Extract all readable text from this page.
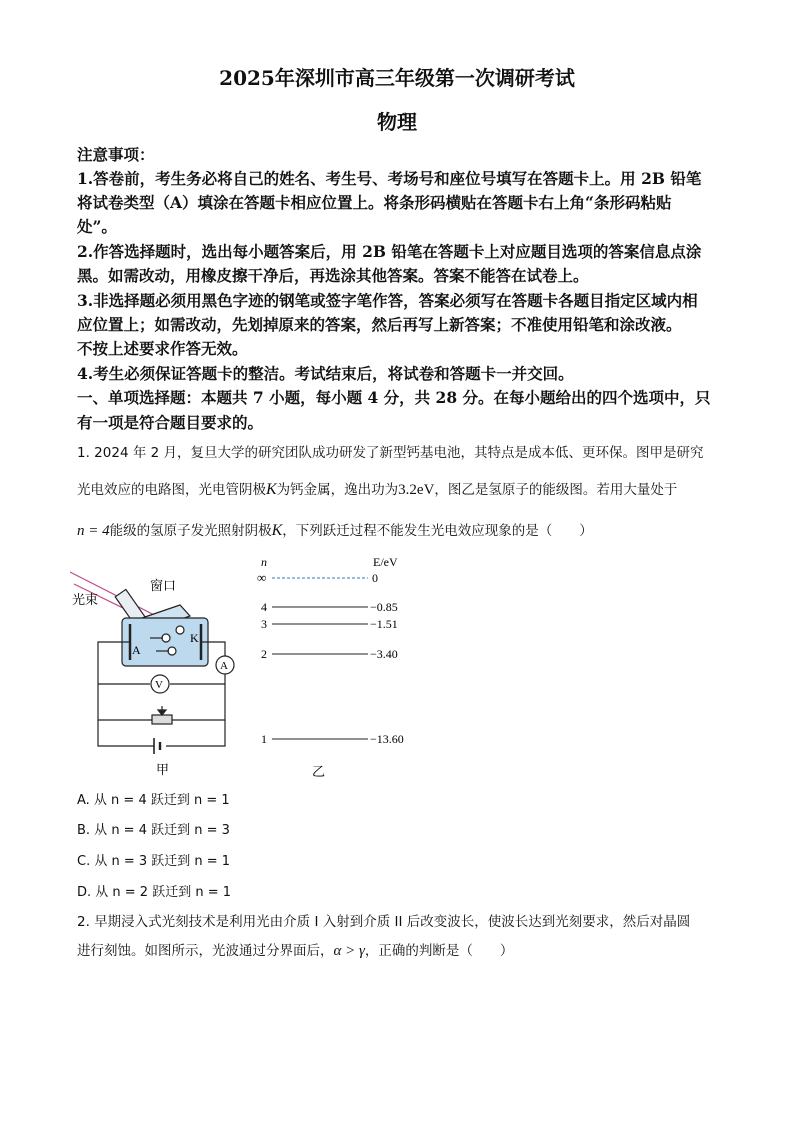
2025年深圳市高三年级第一次调研考试
物理
注意事项：
1.答卷前，考生务必将自己的姓名、考生号、考场号和座位号填写在答题卡上。用 2B 铅笔
将试卷类型（A）填涂在答题卡相应位置上。将条形码横贴在答题卡右上角“条形码粘贴
处”。
2.作答选择题时，选出每小题答案后，用 2B 铅笔在答题卡上对应题目选项的答案信息点涂
黑。如需改动，用橡皮擦干净后，再选涂其他答案。答案不能答在试卷上。
3.非选择题必须用黑色字迹的钢笔或签字笔作答，答案必须写在答题卡各题目指定区域内相
应位置上；如需改动，先划掉原来的答案，然后再写上新答案；不准使用铅笔和涂改液。
不按上述要求作答无效。
4.考生必须保证答题卡的整洁。考试结束后，将试卷和答题卡一并交回。
一、单项选择题：本题共 7 小题，每小题 4 分，共 28 分。在每小题给出的四个选项中，只
有一项是符合题目要求的。
1. 2024 年 2 月，复旦大学的研究团队成功研发了新型钙基电池，其特点是成本低、更环保。图甲是研究
光电效应的电路图，光电管阴极K为钙金属，逸出功为3.2eV，图乙是氢原子的能级图。若用大量处于
n = 4能级的氢原子发光照射阴极K，下列跃迁过程不能发生光电效应现象的是（　　）
光束
窗口
A
K
A
V
甲
n	E/eV
∞	0
4	−0.85
3	−1.51
2	−3.40
1	−13.60
乙
A. 从 n = 4 跃迁到 n = 1
B. 从 n = 4 跃迁到 n = 3
C. 从 n = 3 跃迁到 n = 1
D. 从 n = 2 跃迁到 n = 1
2. 早期浸入式光刻技术是利用光由介质 I 入射到介质 II 后改变波长，使波长达到光刻要求，然后对晶圆
进行刻蚀。如图所示，光波通过分界面后，α > γ，正确的判断是（　　）
